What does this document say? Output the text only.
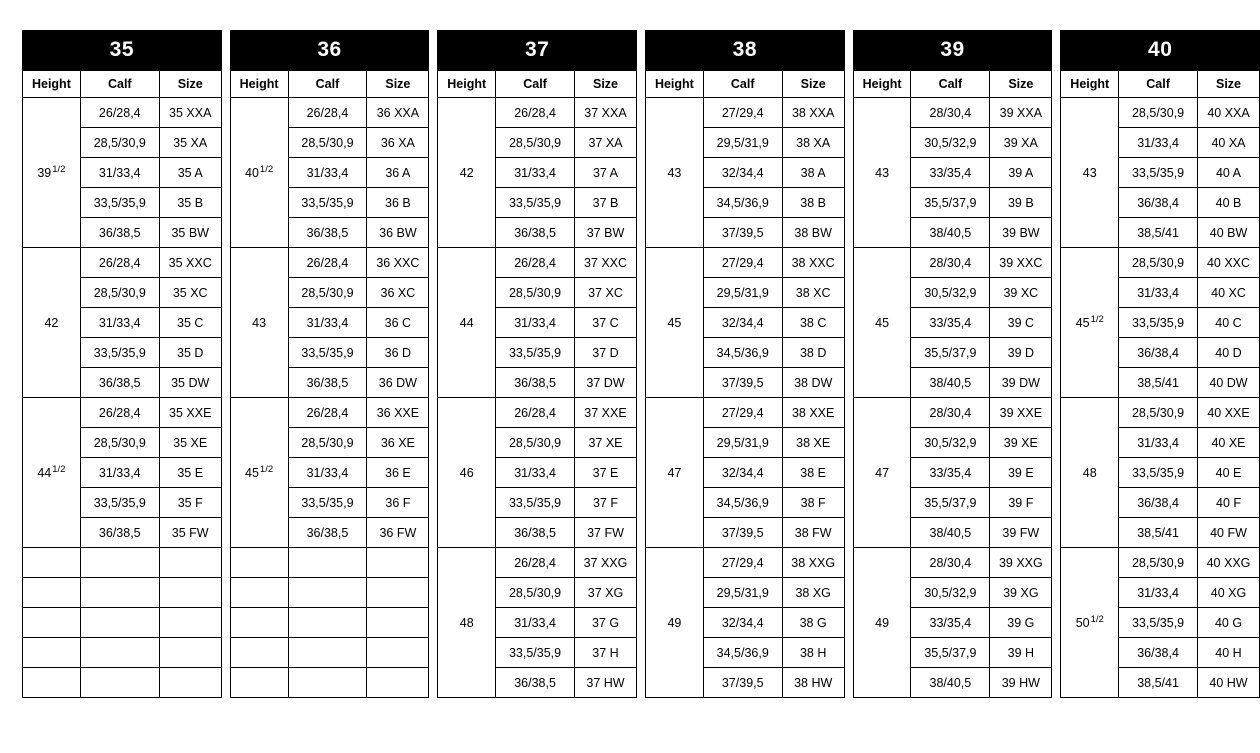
35
Height	Calf	Size
$39^{1/2}$	26/28,4	35 XXA
	28,5/30,9	35 XA
	31/33,4	35 A
	33,5/35,9	35 B
	36/38,5	35 BW
42	26/28,4	35 XXC
	28,5/30,9	35 XC
	31/33,4	35 C
	33,5/35,9	35 D
	36/38,5	35 DW
$44^{1/2}$	26/28,4	35 XXE
	28,5/30,9	35 XE
	31/33,4	35 E
	33,5/35,9	35 F
	36/38,5	35 FW

36
Height	Calf	Size
$40^{1/2}$	26/28,4	36 XXA
	28,5/30,9	36 XA
	31/33,4	36 A
	33,5/35,9	36 B
	36/38,5	36 BW
43	26/28,4	36 XXC
	28,5/30,9	36 XC
	31/33,4	36 C
	33,5/35,9	36 D
	36/38,5	36 DW
$45^{1/2}$	26/28,4	36 XXE
	28,5/30,9	36 XE
	31/33,4	36 E
	33,5/35,9	36 F
	36/38,5	36 FW

37
Height	Calf	Size
42	26/28,4	37 XXA
	28,5/30,9	37 XA
	31/33,4	37 A
	33,5/35,9	37 B
	36/38,5	37 BW
44	26/28,4	37 XXC
	28,5/30,9	37 XC
	31/33,4	37 C
	33,5/35,9	37 D
	36/38,5	37 DW
46	26/28,4	37 XXE
	28,5/30,9	37 XE
	31/33,4	37 E
	33,5/35,9	37 F
	36/38,5	37 FW
48	26/28,4	37 XXG
	28,5/30,9	37 XG
	31/33,4	37 G
	33,5/35,9	37 H
	36/38,5	37 HW
38
Height	Calf	Size
43	27/29,4	38 XXA
	29,5/31,9	38 XA
	32/34,4	38 A
	34,5/36,9	38 B
	37/39,5	38 BW
45	27/29,4	38 XXC
	29,5/31,9	38 XC
	32/34,4	38 C
	34,5/36,9	38 D
	37/39,5	38 DW
47	27/29,4	38 XXE
	29,5/31,9	38 XE
	32/34,4	38 E
	34,5/36,9	38 F
	37/39,5	38 FW
49	27/29,4	38 XXG
	29,5/31,9	38 XG
	32/34,4	38 G
	34,5/36,9	38 H
	37/39,5	38 HW
39
Height	Calf	Size
43	28/30,4	39 XXA
	30,5/32,9	39 XA
	33/35,4	39 A
	35,5/37,9	39 B
	38/40,5	39 BW
45	28/30,4	39 XXC
	30,5/32,9	39 XC
	33/35,4	39 C
	35,5/37,9	39 D
	38/40,5	39 DW
47	28/30,4	39 XXE
	30,5/32,9	39 XE
	33/35,4	39 E
	35,5/37,9	39 F
	38/40,5	39 FW
49	28/30,4	39 XXG
	30,5/32,9	39 XG
	33/35,4	39 G
	35,5/37,9	39 H
	38/40,5	39 HW
40
Height	Calf	Size
43	28,5/30,9	40 XXA
	31/33,4	40 XA
	33,5/35,9	40 A
	36/38,4	40 B
	38,5/41	40 BW
$45^{1/2}$	28,5/30,9	40 XXC
	31/33,4	40 XC
	33,5/35,9	40 C
	36/38,4	40 D
	38,5/41	40 DW
48	28,5/30,9	40 XXE
	31/33,4	40 XE
	33,5/35,9	40 E
	36/38,4	40 F
	38,5/41	40 FW
$50^{1/2}$	28,5/30,9	40 XXG
	31/33,4	40 XG
	33,5/35,9	40 G
	36/38,4	40 H
	38,5/41	40 HW
